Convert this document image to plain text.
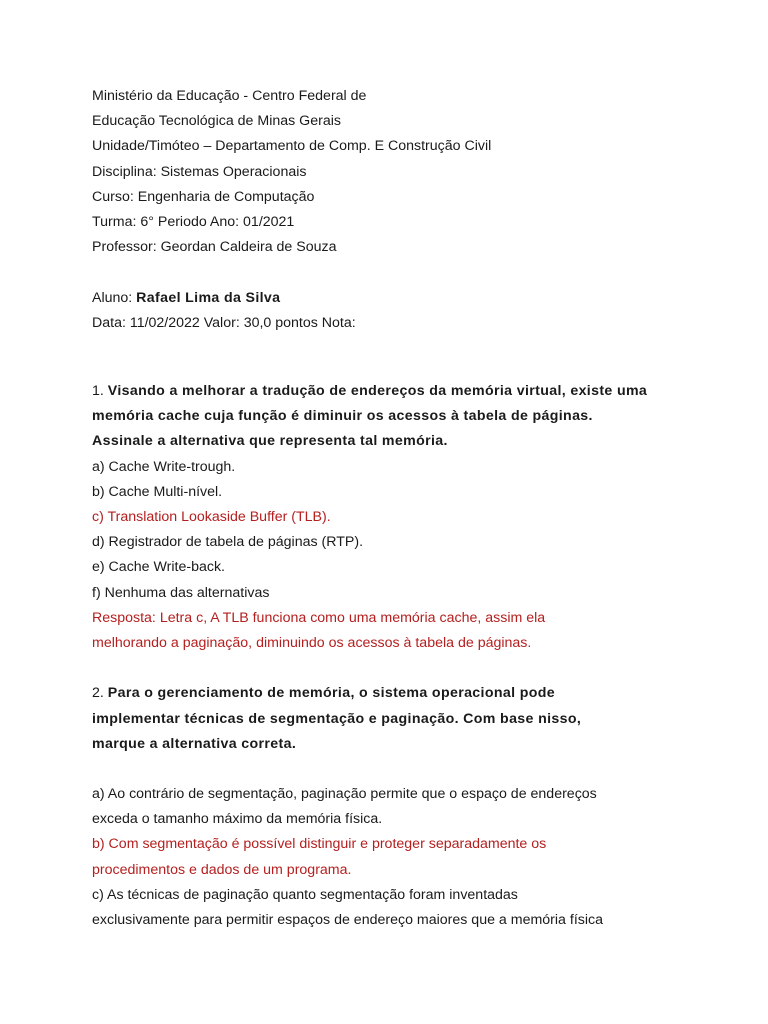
Ministério da Educação - Centro Federal de
Educação Tecnológica de Minas Gerais
Unidade/Timóteo – Departamento de Comp. E Construção Civil
Disciplina: Sistemas Operacionais
Curso: Engenharia de Computação
Turma: 6° Periodo Ano: 01/2021
Professor: Geordan Caldeira de Souza
Aluno: Rafael Lima da Silva
Data: 11/02/2022 Valor: 30,0 pontos Nota:
1. Visando a melhorar a tradução de endereços da memória virtual, existe uma
memória cache cuja função é diminuir os acessos à tabela de páginas.
Assinale a alternativa que representa tal memória.
a) Cache Write-trough.
b) Cache Multi-nível.
c) Translation Lookaside Buffer (TLB).
d) Registrador de tabela de páginas (RTP).
e) Cache Write-back.
f) Nenhuma das alternativas
Resposta: Letra c, A TLB funciona como uma memória cache, assim ela
melhorando a paginação, diminuindo os acessos à tabela de páginas.
2. Para o gerenciamento de memória, o sistema operacional pode
implementar técnicas de segmentação e paginação. Com base nisso,
marque a alternativa correta.
a) Ao contrário de segmentação, paginação permite que o espaço de endereços
exceda o tamanho máximo da memória física.
b) Com segmentação é possível distinguir e proteger separadamente os
procedimentos e dados de um programa.
c) As técnicas de paginação quanto segmentação foram inventadas
exclusivamente para permitir espaços de endereço maiores que a memória física
